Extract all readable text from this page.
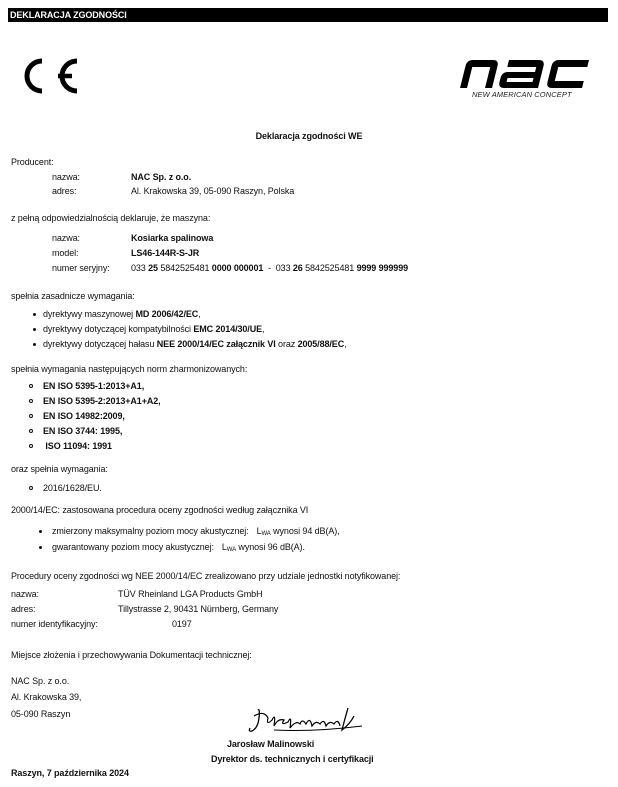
DEKLARACJA ZGODNOŚCI
NEW AMERICAN CONCEPT
Deklaracja zgodności WE
Producent:
nazwa:	NAC Sp. z o.o.
adres:	Al. Krakowska 39, 05-090 Raszyn, Polska
z pełną odpowiedzialnością deklaruje, że maszyna:
nazwa:	Kosiarka spalinowa
model:	LS46-144R-S-JR
numer seryjny: 033 25 5842525481 0000 000001  -  033 26 5842525481 9999 999999
spełnia zasadnicze wymagania:
dyrektywy maszynowej MD 2006/42/EC,
dyrektywy dotyczącej kompatybilności EMC 2014/30/UE,
dyrektywy dotyczącej hałasu NEE 2000/14/EC załącznik VI oraz 2005/88/EC,
spełnia wymagania następujących norm zharmonizowanych:
EN ISO 5395-1:2013+A1,
EN ISO 5395-2:2013+A1+A2,
EN ISO 14982:2009,
EN ISO 3744: 1995,
ISO 11094: 1991
oraz spełnia wymagania:
2016/1628/EU.
2000/14/EC: zastosowana procedura oceny zgodności według załącznika VI
zmierzony maksymalny poziom mocy akustycznej: LWA wynosi 94 dB(A),
gwarantowany poziom mocy akustycznej: LWA wynosi 96 dB(A).
Procedury oceny zgodności wg NEE 2000/14/EC zrealizowano przy udziale jednostki notyfikowanej:
nazwa:	TÜV Rheinland LGA Products GmbH
adres:	Tillystrasse 2, 90431 Nürnberg, Germany
numer identyfikacyjny:	0197
Miejsce złożenia i przechowywania Dokumentacji technicznej:
NAC Sp. z o.o.
Al. Krakowska 39,
05-090 Raszyn
Jarosław Malinowski
Dyrektor ds. technicznych i certyfikacji
Raszyn, 7 października 2024
